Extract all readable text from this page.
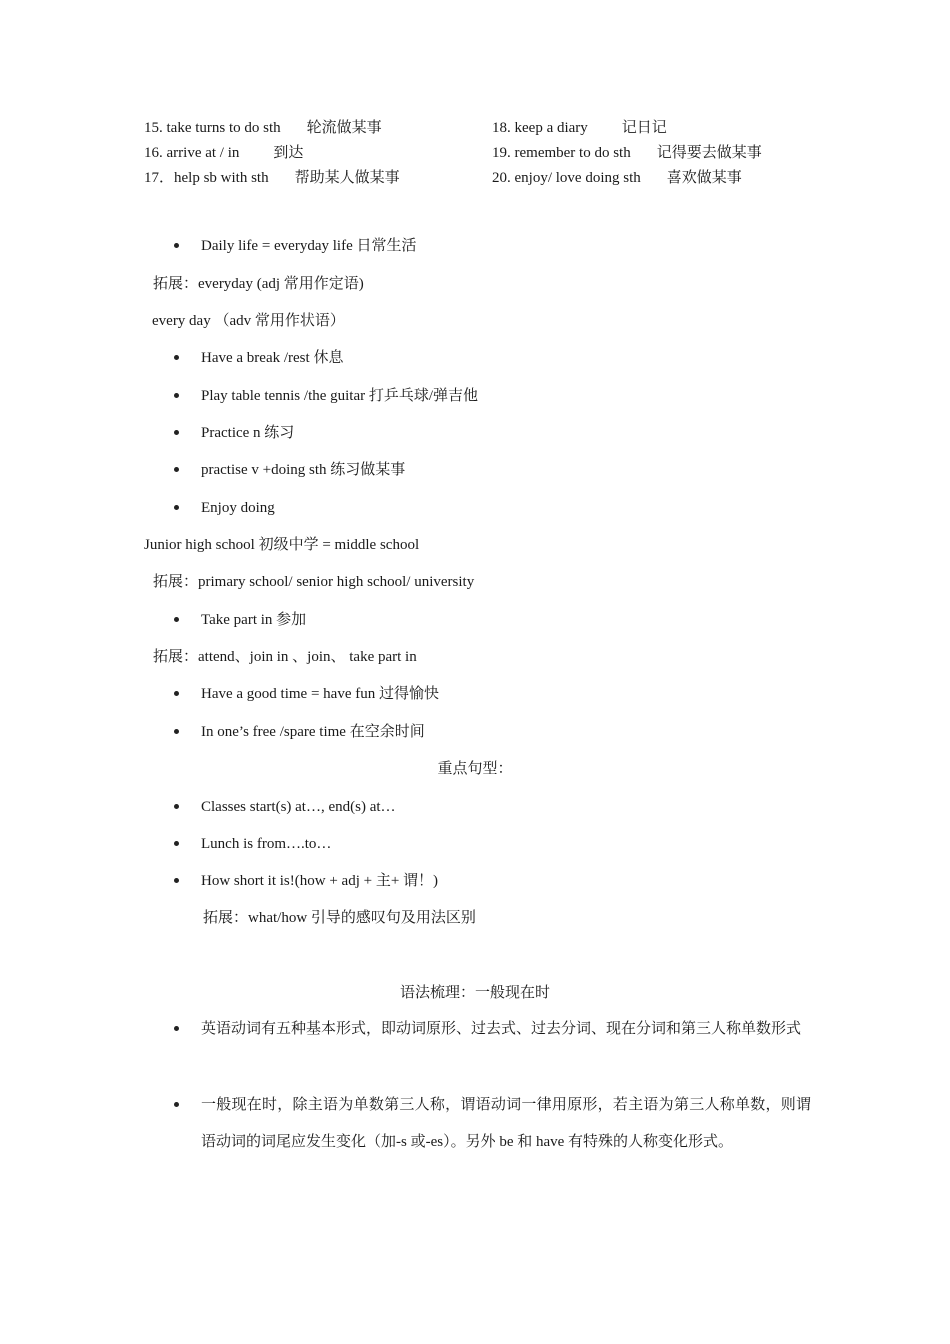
15. take turns to do sth 轮流做某事
16. arrive at / in 到达
17．help sb with sth 帮助某人做某事
18. keep a diary 记日记
19. remember to do sth 记得要去做某事
20. enjoy/ love doing sth 喜欢做某事
Daily life = everyday life 日常生活
拓展：everyday (adj 常用作定语)
every day （adv 常用作状语）
Have a break /rest 休息
Play table tennis /the guitar 打乒乓球/弹吉他
Practice n 练习
practise v +doing sth 练习做某事
Enjoy doing
Junior high school 初级中学 = middle school
拓展：primary school/ senior high school/ university
Take part in 参加
拓展：attend、join in 、join、 take part in
Have a good time = have fun 过得愉快
In one’s free /spare time 在空余时间
重点句型：
Classes start(s) at…, end(s) at…
Lunch is from….to…
How short it is!(how + adj + 主+ 谓！)
拓展：what/how 引导的感叹句及用法区别
语法梳理：一般现在时
英语动词有五种基本形式，即动词原形、过去式、过去分词、现在分词和第三人称单数形式
一般现在时，除主语为单数第三人称，谓语动词一律用原形，若主语为第三人称单数，则谓语动词的词尾应发生变化（加-s 或-es）。另外 be 和 have 有特殊的人称变化形式。
